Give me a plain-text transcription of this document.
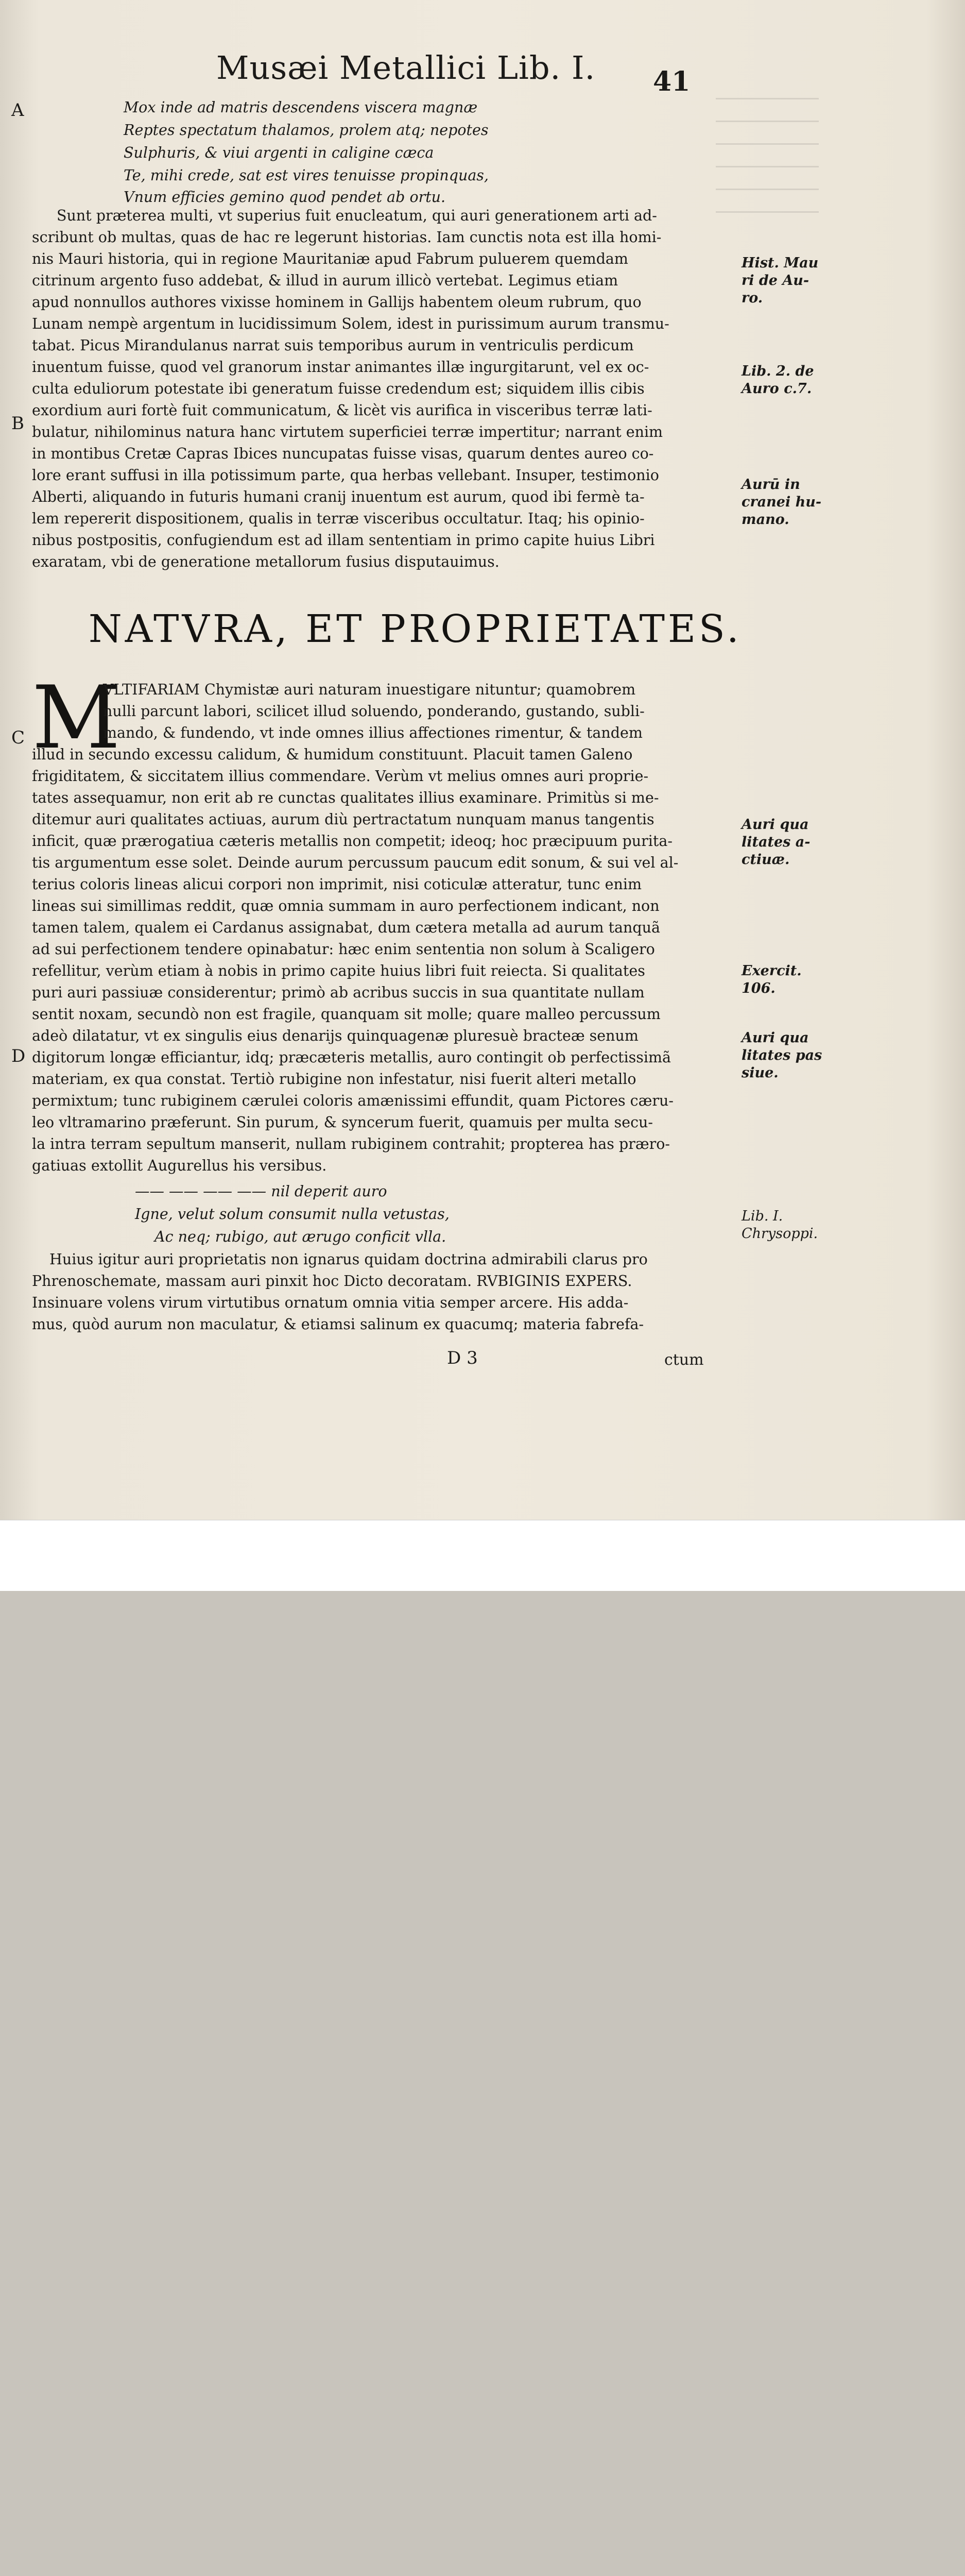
Musæi Metallici Lib. I. 41
A
B
C
D
Mox inde ad matris descendens viscera magnæ
Reptes spectatum thalamos, prolem atq; nepotes
Sulphuris, & viui argenti in caligine cæca
Te, mihi crede, sat est vires tenuisse propinquas,
Vnum efficies gemino quod pendet ab ortu.
Sunt præterea multi, vt superius fuit enucleatum, qui auri generationem arti ad-
scribunt ob multas, quas de hac re legerunt historias. Iam cunctis nota est illa homi-
nis Mauri historia, qui in regione Mauritaniæ apud Fabrum puluerem quemdam
citrinum argento fuso addebat, & illud in aurum illicò vertebat. Legimus etiam
apud nonnullos authores vixisse hominem in Gallijs habentem oleum rubrum, quo
Lunam nempè argentum in lucidissimum Solem, idest in purissimum aurum transmu-
tabat. Picus Mirandulanus narrat suis temporibus aurum in ventriculis perdicum
inuentum fuisse, quod vel granorum instar animantes illæ ingurgitarunt, vel ex oc-
culta eduliorum potestate ibi generatum fuisse credendum est; siquidem illis cibis
exordium auri fortè fuit communicatum, & licèt vis aurifica in visceribus terræ lati-
bulatur, nihilominus natura hanc virtutem superficiei terræ impertitur; narrant enim
in montibus Cretæ Capras Ibices nuncupatas fuisse visas, quarum dentes aureo co-
lore erant suffusi in illa potissimum parte, qua herbas vellebant. Insuper, testimonio
Alberti, aliquando in futuris humani cranij inuentum est aurum, quod ibi fermè ta-
lem repererit dispositionem, qualis in terræ visceribus occultatur. Itaq; his opinio-
nibus postpositis, confugiendum est ad illam sententiam in primo capite huius Libri
exaratam, vbi de generatione metallorum fusius disputauimus.
NATVRA, ET PROPRIETATES.
M
VLTIFARIAM Chymistæ auri naturam inuestigare nituntur; quamobrem
nulli parcunt labori, scilicet illud soluendo, ponderando, gustando, subli-
mando, & fundendo, vt inde omnes illius affectiones rimentur, & tandem
illud in secundo excessu calidum, & humidum constituunt. Placuit tamen Galeno
frigiditatem, & siccitatem illius commendare. Verùm vt melius omnes auri proprie-
tates assequamur, non erit ab re cunctas qualitates illius examinare. Primitùs si me-
ditemur auri qualitates actiuas, aurum diù pertractatum nunquam manus tangentis
inficit, quæ prærogatiua cæteris metallis non competit; ideoq; hoc præcipuum purita-
tis argumentum esse solet. Deinde aurum percussum paucum edit sonum, & sui vel al-
terius coloris lineas alicui corpori non imprimit, nisi coticulæ atteratur, tunc enim
lineas sui simillimas reddit, quæ omnia summam in auro perfectionem indicant, non
tamen talem, qualem ei Cardanus assignabat, dum cætera metalla ad aurum tanquã
ad sui perfectionem tendere opinabatur: hæc enim sententia non solum à Scaligero
refellitur, verùm etiam à nobis in primo capite huius libri fuit reiecta. Si qualitates
puri auri passiuæ considerentur; primò ab acribus succis in sua quantitate nullam
sentit noxam, secundò non est fragile, quanquam sit molle; quare malleo percussum
adeò dilatatur, vt ex singulis eius denarijs quinquagenæ pluresuè bracteæ senum
digitorum longæ efficiantur, idq; præcæteris metallis, auro contingit ob perfectissimã
materiam, ex qua constat. Tertiò rubigine non infestatur, nisi fuerit alteri metallo
permixtum; tunc rubiginem cærulei coloris amænissimi effundit, quam Pictores cæru-
leo vltramarino præferunt. Sin purum, & syncerum fuerit, quamuis per multa secu-
la intra terram sepultum manserit, nullam rubiginem contrahit; propterea has prærо-
gatiuas extollit Augurellus his versibus.
—— —— —— —— nil deperit auro
Igne, velut solum consumit nulla vetustas,
Ac neq; rubigo, aut ærugo conficit vlla.
Huius igitur auri proprietatis non ignarus quidam doctrina admirabili clarus pro
Phrenoschemate, massam auri pinxit hoc Dicto decoratam. RVBIGINIS EXPERS.
Insinuare volens virum virtutibus ornatum omnia vitia semper arcere. His adda-
mus, quòd aurum non maculatur, & etiamsi salinum ex quacumq; materia fabrefa-
D 3	ctum
Hist. Mau
ri de Au-
ro.
Lib. 2. de
Auro c.7.
Aurū in
cranei hu-
mano.
Auri qua
litates a-
ctiuæ.
Exercit.
106.
Auri qua
litates pas
siue.
Lib. I.
Chrysoppi.
